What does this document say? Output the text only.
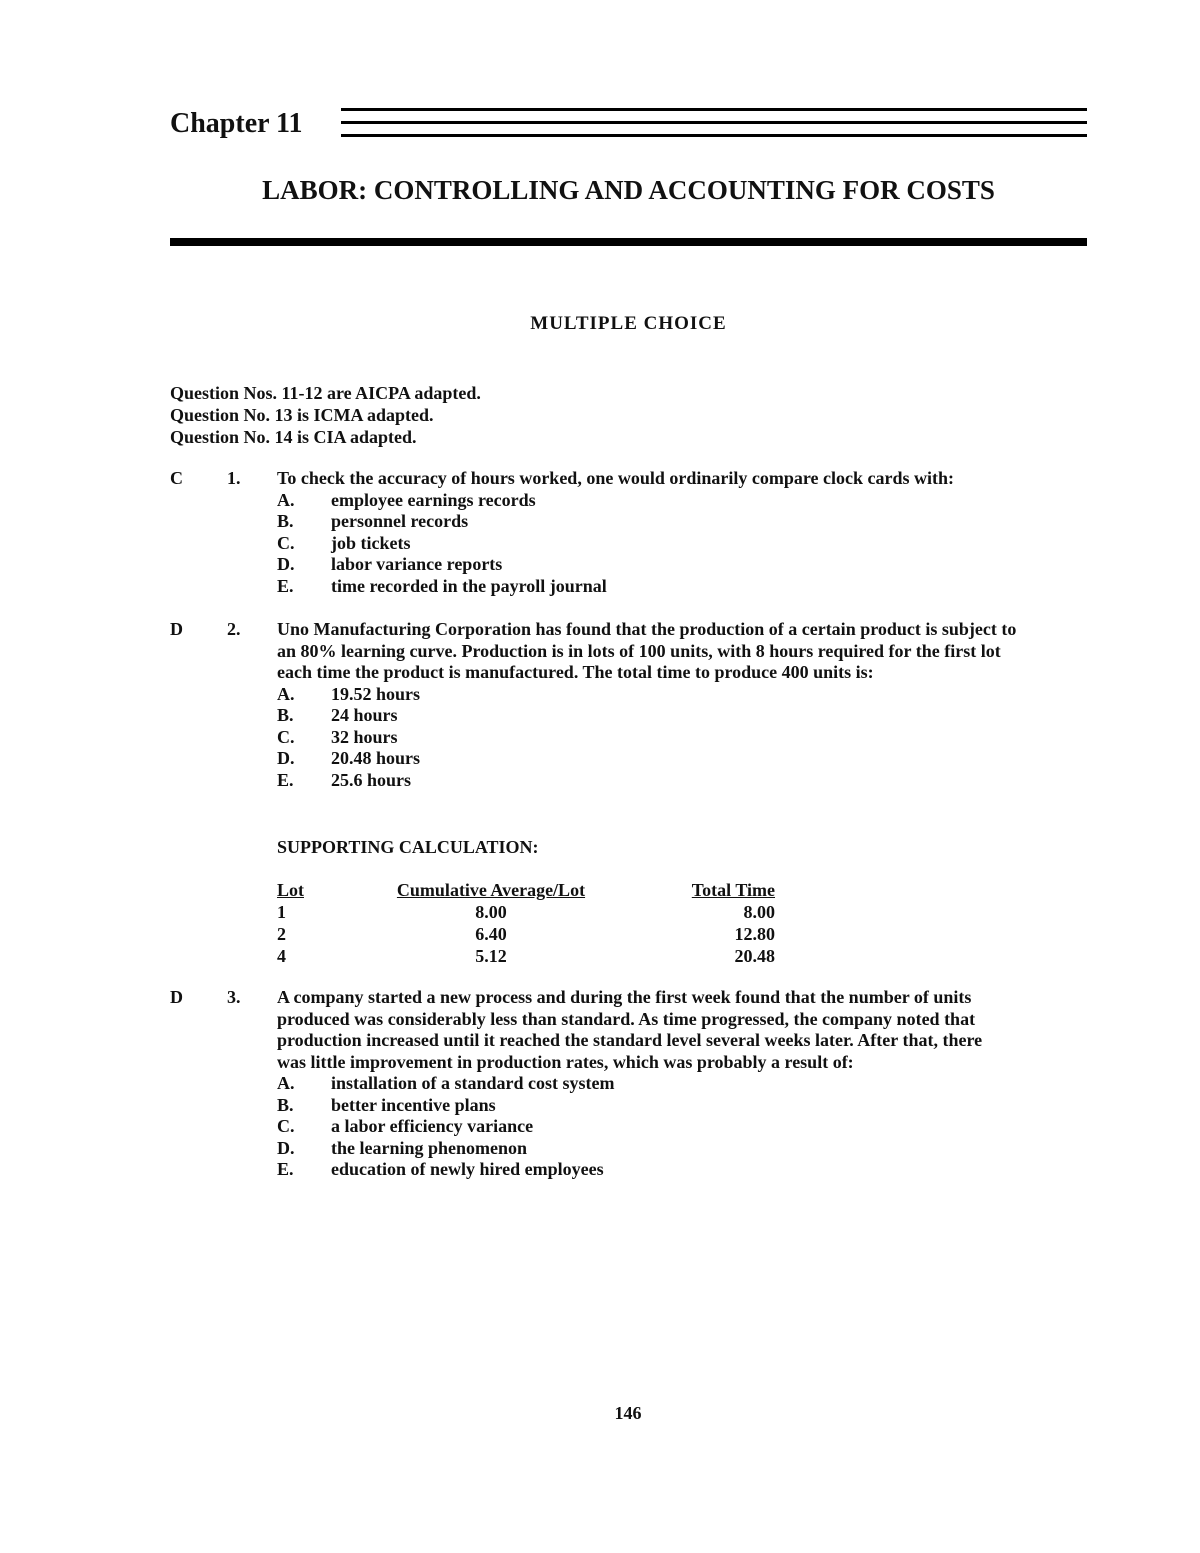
Chapter 11
LABOR: CONTROLLING AND ACCOUNTING FOR COSTS
MULTIPLE CHOICE
Question Nos. 11-12 are AICPA adapted.
Question No. 13 is ICMA adapted.
Question No. 14 is CIA adapted.
C 1. To check the accuracy of hours worked, one would ordinarily compare clock cards with:
A. employee earnings records
B. personnel records
C. job tickets
D. labor variance reports
E. time recorded in the payroll journal
D 2. Uno Manufacturing Corporation has found that the production of a certain product is subject to
an 80% learning curve. Production is in lots of 100 units, with 8 hours required for the first lot
each time the product is manufactured. The total time to produce 400 units is:
A. 19.52 hours
B. 24 hours
C. 32 hours
D. 20.48 hours
E. 25.6 hours
SUPPORTING CALCULATION:
Lot	Cumulative Average/Lot	Total Time
1	8.00	8.00
2	6.40	12.80
4	5.12	20.48
D 3. A company started a new process and during the first week found that the number of units
produced was considerably less than standard. As time progressed, the company noted that
production increased until it reached the standard level several weeks later. After that, there
was little improvement in production rates, which was probably a result of:
A. installation of a standard cost system
B. better incentive plans
C. a labor efficiency variance
D. the learning phenomenon
E. education of newly hired employees
146
